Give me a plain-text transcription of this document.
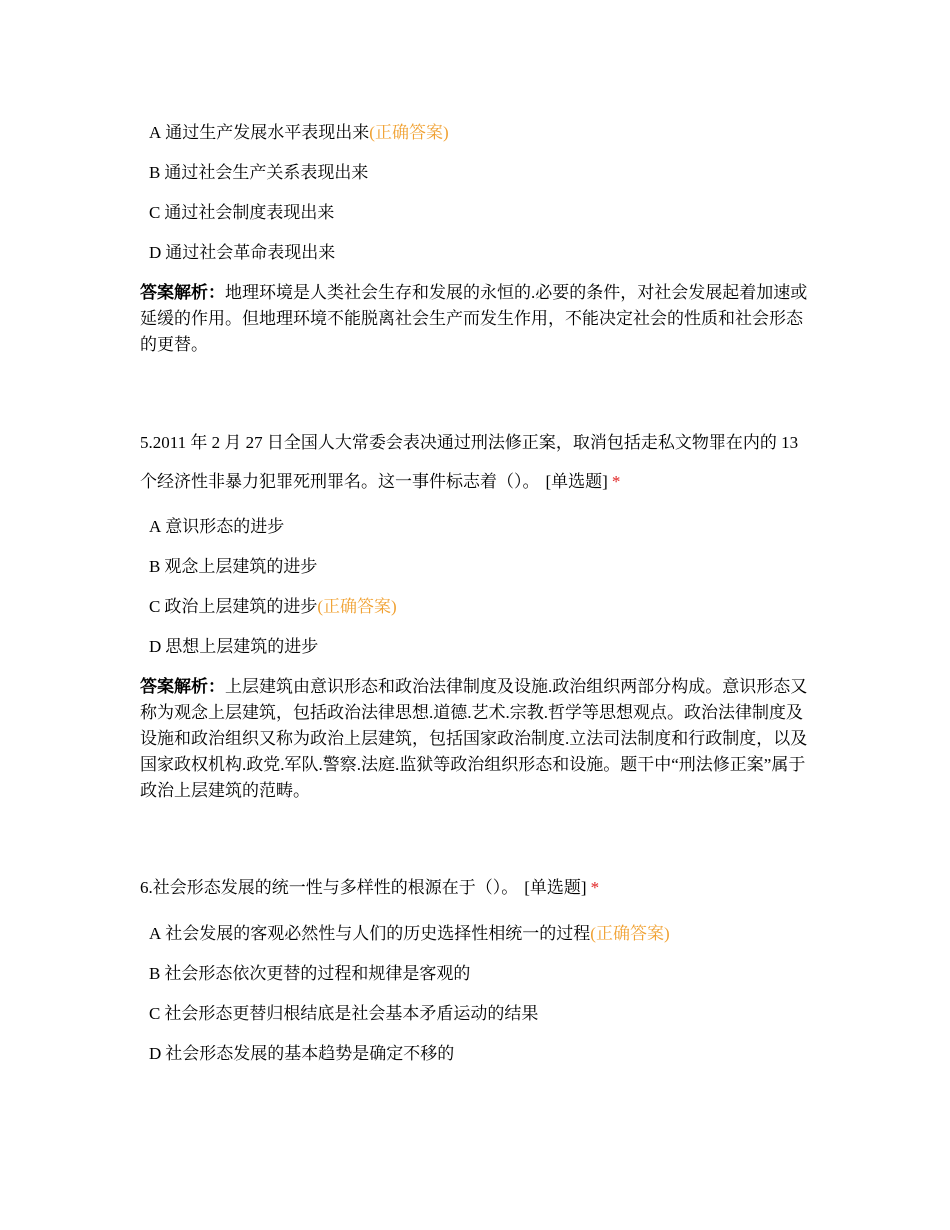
A 通过生产发展水平表现出来(正确答案)
B 通过社会生产关系表现出来
C 通过社会制度表现出来
D 通过社会革命表现出来
答案解析：地理环境是人类社会生存和发展的永恒的.必要的条件，对社会发展起着加速或延缓的作用。但地理环境不能脱离社会生产而发生作用，不能决定社会的性质和社会形态的更替。
5.2011 年 2 月 27 日全国人大常委会表决通过刑法修正案，取消包括走私文物罪在内的 13 个经济性非暴力犯罪死刑罪名。这一事件标志着（）。 [单选题] *
A 意识形态的进步
B 观念上层建筑的进步
C 政治上层建筑的进步(正确答案)
D 思想上层建筑的进步
答案解析：上层建筑由意识形态和政治法律制度及设施.政治组织两部分构成。意识形态又称为观念上层建筑，包括政治法律思想.道德.艺术.宗教.哲学等思想观点。政治法律制度及设施和政治组织又称为政治上层建筑，包括国家政治制度.立法司法制度和行政制度，以及国家政权机构.政党.军队.警察.法庭.监狱等政治组织形态和设施。题干中“刑法修正案”属于政治上层建筑的范畴。
6.社会形态发展的统一性与多样性的根源在于（）。 [单选题] *
A 社会发展的客观必然性与人们的历史选择性相统一的过程(正确答案)
B 社会形态依次更替的过程和规律是客观的
C 社会形态更替归根结底是社会基本矛盾运动的结果
D 社会形态发展的基本趋势是确定不移的
